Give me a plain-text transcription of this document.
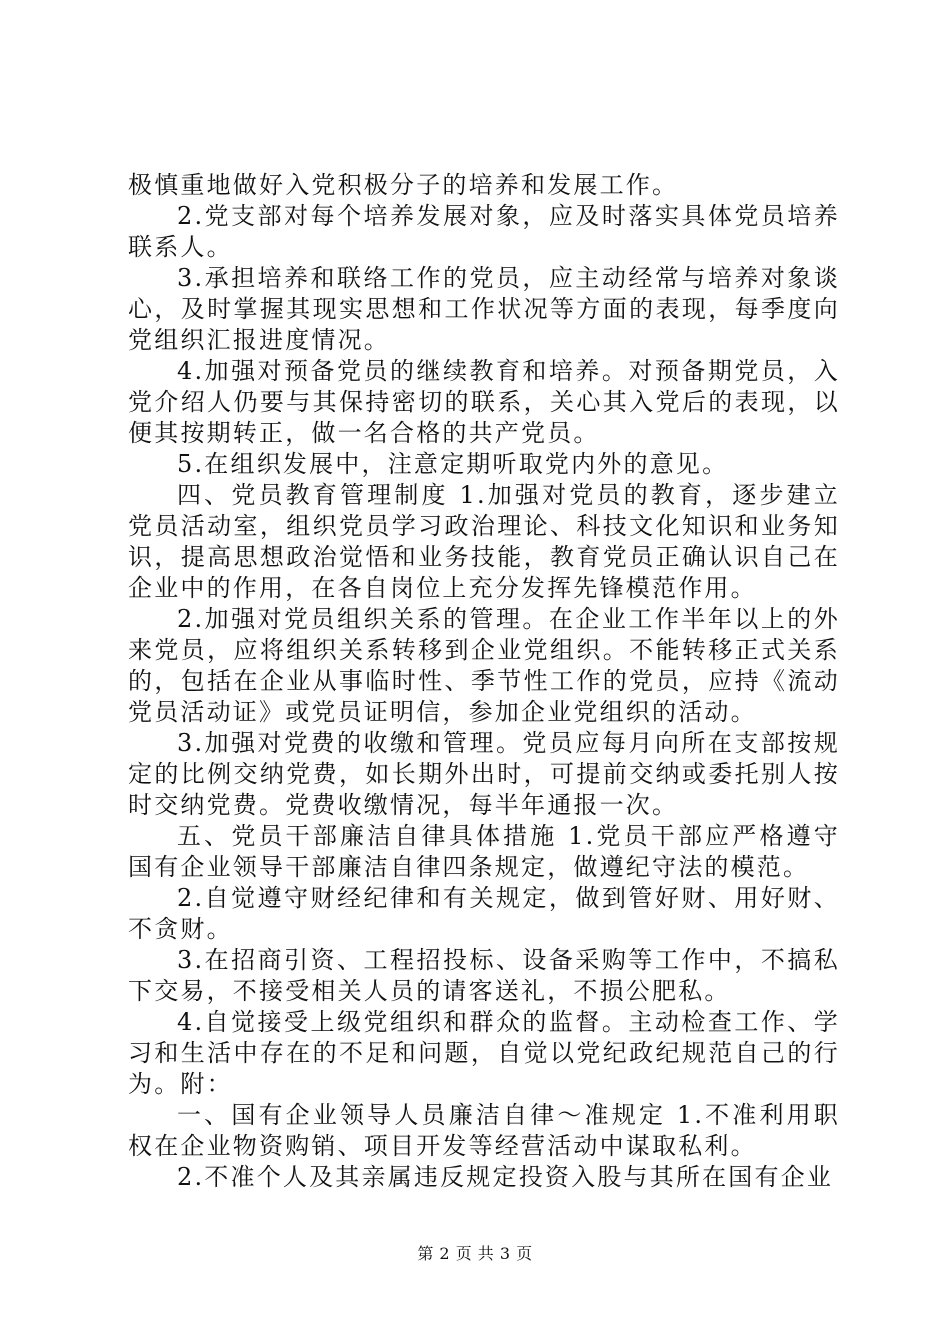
极慎重地做好入党积极分子的培养和发展工作。

2.党支部对每个培养发展对象，应及时落实具体党员培养联系人。

3.承担培养和联络工作的党员，应主动经常与培养对象谈心，及时掌握其现实思想和工作状况等方面的表现，每季度向党组织汇报进度情况。

4.加强对预备党员的继续教育和培养。对预备期党员，入党介绍人仍要与其保持密切的联系，关心其入党后的表现，以便其按期转正，做一名合格的共产党员。

5.在组织发展中，注意定期听取党内外的意见。

四、党员教育管理制度 1.加强对党员的教育，逐步建立党员活动室，组织党员学习政治理论、科技文化知识和业务知识，提高思想政治觉悟和业务技能，教育党员正确认识自己在企业中的作用，在各自岗位上充分发挥先锋模范作用。

2.加强对党员组织关系的管理。在企业工作半年以上的外来党员，应将组织关系转移到企业党组织。不能转移正式关系的，包括在企业从事临时性、季节性工作的党员，应持《流动党员活动证》或党员证明信，参加企业党组织的活动。

3.加强对党费的收缴和管理。党员应每月向所在支部按规定的比例交纳党费，如长期外出时，可提前交纳或委托别人按时交纳党费。党费收缴情况，每半年通报一次。

五、党员干部廉洁自律具体措施 1.党员干部应严格遵守国有企业领导干部廉洁自律四条规定，做遵纪守法的模范。

2.自觉遵守财经纪律和有关规定，做到管好财、用好财、不贪财。

3.在招商引资、工程招投标、设备采购等工作中，不搞私下交易，不接受相关人员的请客送礼，不损公肥私。

4.自觉接受上级党组织和群众的监督。主动检查工作、学习和生活中存在的不足和问题，自觉以党纪政纪规范自己的行为。附：

一、国有企业领导人员廉洁自律～准规定 1.不准利用职权在企业物资购销、项目开发等经营活动中谋取私利。

2.不准个人及其亲属违反规定投资入股与其所在国有企业

第 2 页 共 3 页
